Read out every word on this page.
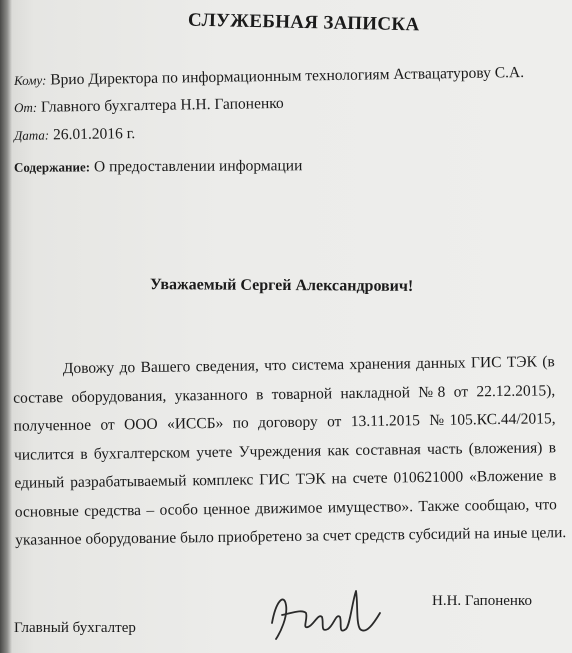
СЛУЖЕБНАЯ ЗАПИСКА
Кому: Врио Директора по информационным технологиям Аствацатурову С.А.
От: Главного бухгалтера Н.Н. Гапоненко
Дата: 26.01.2016 г.
Содержание: О предоставлении информации
Уважаемый Сергей Александрович!
Довожу до Вашего сведения, что система хранения данных ГИС ТЭК (в
составе оборудования, указанного в товарной накладной №8 от 22.12.2015),
полученное от ООО «ИССБ» по договору от 13.11.2015 №105.КС.44/2015,
числится в бухгалтерском учете Учреждения как составная часть (вложения) в
единый разрабатываемый комплекс ГИС ТЭК на счете 010621000 «Вложение в
основные средства – особо ценное движимое имущество». Также сообщаю, что
указанное оборудование было приобретено за счет средств субсидий на иные цели.
Н.Н. Гапоненко
Главный бухгалтер
